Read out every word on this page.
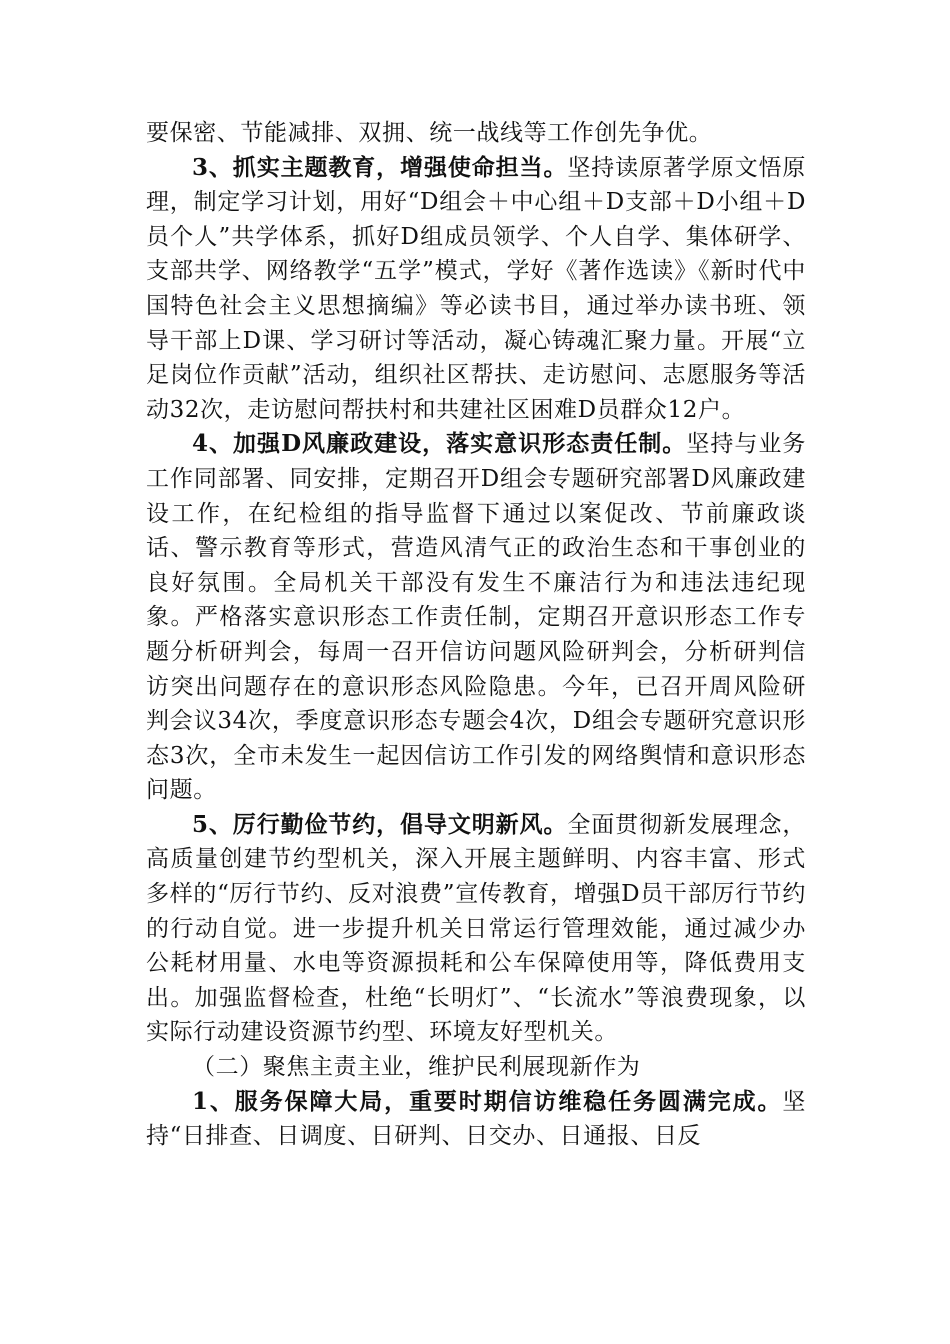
要保密、节能减排、双拥、统一战线等工作创先争优。

3、抓实主题教育，增强使命担当。坚持读原著学原文悟原理，制定学习计划，用好“D组会＋中心组＋D支部＋D小组＋D员个人”共学体系，抓好D组成员领学、个人自学、集体研学、支部共学、网络教学“五学”模式，学好《著作选读》《新时代中国特色社会主义思想摘编》等必读书目，通过举办读书班、领导干部上D课、学习研讨等活动，凝心铸魂汇聚力量。开展“立足岗位作贡献”活动，组织社区帮扶、走访慰问、志愿服务等活动32次，走访慰问帮扶村和共建社区困难D员群众12户。

4、加强D风廉政建设，落实意识形态责任制。坚持与业务工作同部署、同安排，定期召开D组会专题研究部署D风廉政建设工作，在纪检组的指导监督下通过以案促改、节前廉政谈话、警示教育等形式，营造风清气正的政治生态和干事创业的良好氛围。全局机关干部没有发生不廉洁行为和违法违纪现象。严格落实意识形态工作责任制，定期召开意识形态工作专题分析研判会，每周一召开信访问题风险研判会，分析研判信访突出问题存在的意识形态风险隐患。今年，已召开周风险研判会议34次，季度意识形态专题会4次，D组会专题研究意识形态3次，全市未发生一起因信访工作引发的网络舆情和意识形态问题。

5、厉行勤俭节约，倡导文明新风。全面贯彻新发展理念，高质量创建节约型机关，深入开展主题鲜明、内容丰富、形式多样的“厉行节约、反对浪费”宣传教育，增强D员干部厉行节约的行动自觉。进一步提升机关日常运行管理效能，通过减少办公耗材用量、水电等资源损耗和公车保障使用等，降低费用支出。加强监督检查，杜绝“长明灯”、“长流水”等浪费现象，以实际行动建设资源节约型、环境友好型机关。

（二）聚焦主责主业，维护民利展现新作为

1、服务保障大局，重要时期信访维稳任务圆满完成。坚持“日排查、日调度、日研判、日交办、日通报、日反
